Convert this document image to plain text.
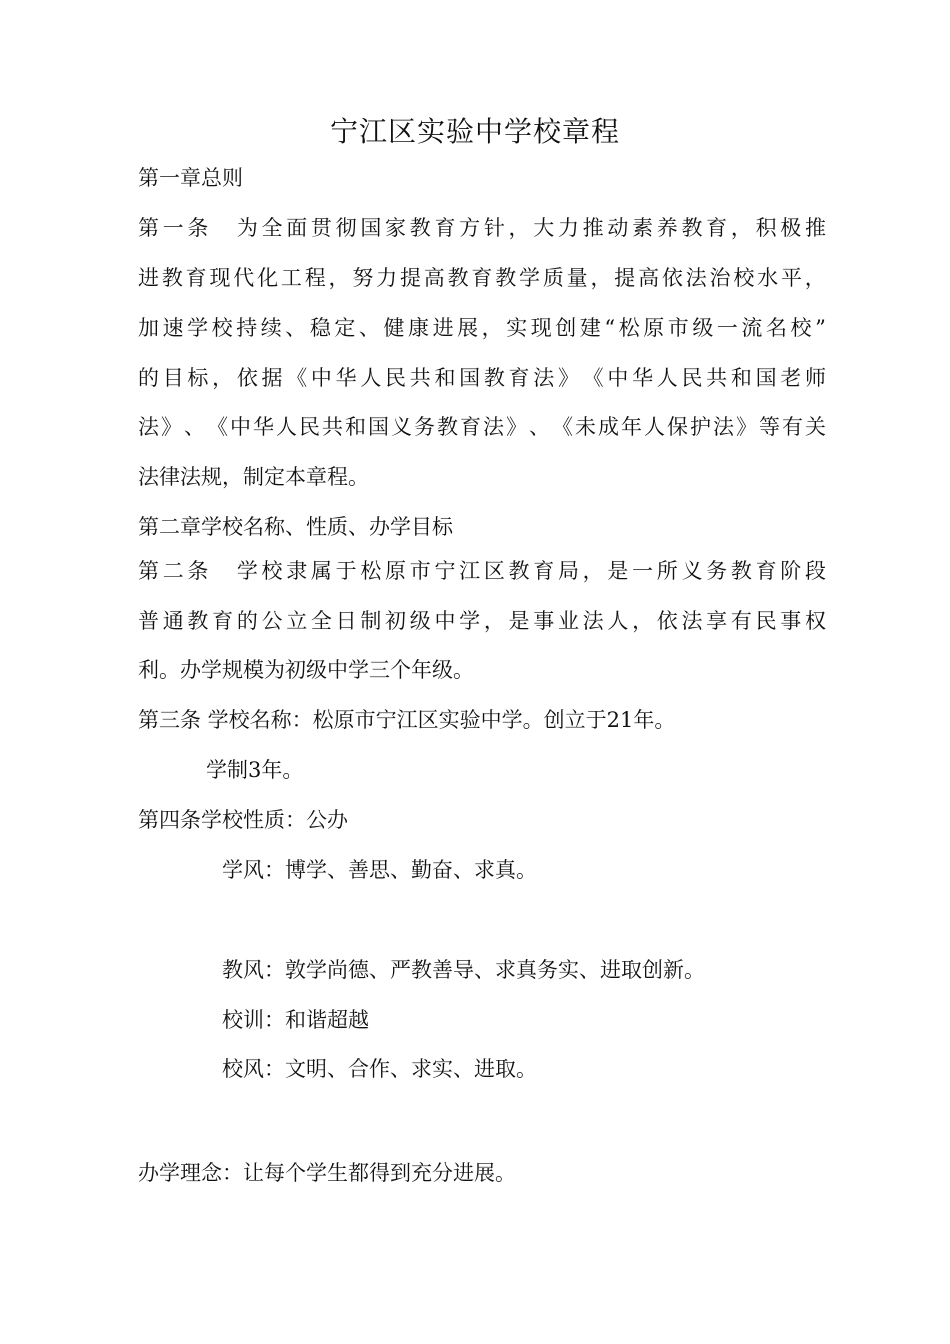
宁江区实验中学校章程
第一章总则
第 一 条
  为 全 面 贯 彻 国 家 教 育 方 针 ， 大 力 推 动 素 养 教 育 ， 积 极 推
进 教 育 现 代 化 工 程 ， 努 力 提 高 教 育 教 学 质 量 ， 提 高 依 法 治 校 水 平 ，
加 速 学 校 持 续 、 稳 定 、 健 康 进 展 ， 实 现 创 建 “ 松 原 市 级 一 流 名 校 ”
的 目 标 ， 依 据 《 中 华 人 民 共 和 国 教 育 法 》 《 中 华 人 民 共 和 国 老 师
法 》 、 《 中 华 人 民 共 和 国 义 务 教 育 法 》 、 《 未 成 年 人 保 护 法 》 等 有 关
法律法规，制定本章程。
第二章学校名称、性质、办学目标
第 二 条
  学 校 隶 属 于 松 原 市 宁 江 区 教 育 局 ， 是 一 所 义 务 教 育 阶 段
普 通 教 育 的 公 立 全 日 制 初 级 中 学 ， 是 事 业 法 人 ， 依 法 享 有 民 事 权
利。办学规模为初级中学三个年级。
第三条 学校名称：松原市宁江区实验中学。创立于21年。
学制3年。
第四条学校性质：公办
学风：博学、善思、勤奋、求真。
教风：敦学尚德、严教善导、求真务实、进取创新。
校训：和谐超越
校风：文明、合作、求实、进取。
办学理念：让每个学生都得到充分进展。
